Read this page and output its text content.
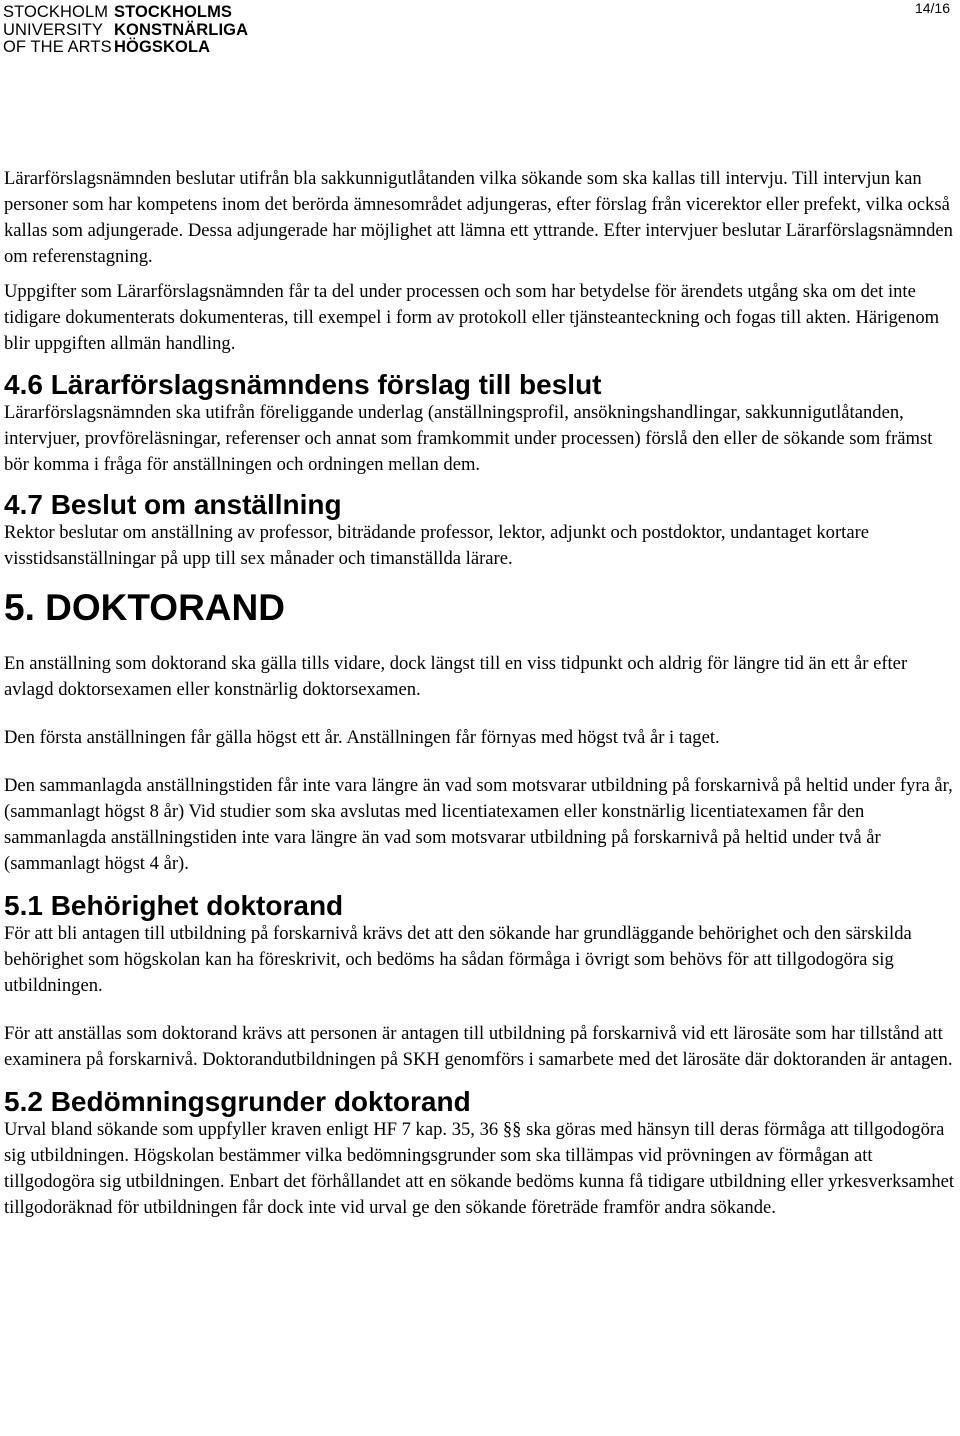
STOCKHOLM STOCKHOLMS
UNIVERSITY KONSTNÄRLIGA
OF THE ARTS HÖGSKOLA
14/16

Lärarförslagsnämnden beslutar utifrån bla sakkunnigutlåtanden vilka sökande som ska kallas till intervju. Till intervjun kan personer som har kompetens inom det berörda ämnesområdet adjungeras, efter förslag från vicerektor eller prefekt, vilka också kallas som adjungerade. Dessa adjungerade har möjlighet att lämna ett yttrande. Efter intervjuer beslutar Lärarförslagsnämnden om referenstagning.

Uppgifter som Lärarförslagsnämnden får ta del under processen och som har betydelse för ärendets utgång ska om det inte tidigare dokumenterats dokumenteras, till exempel i form av protokoll eller tjänsteanteckning och fogas till akten. Härigenom blir uppgiften allmän handling.

4.6 Lärarförslagsnämndens förslag till beslut

Lärarförslagsnämnden ska utifrån föreliggande underlag (anställningsprofil, ansökningshandlingar, sakkunnigutlåtanden, intervjuer, provföreläsningar, referenser och annat som framkommit under processen) förslå den eller de sökande som främst bör komma i fråga för anställningen och ordningen mellan dem.

4.7 Beslut om anställning

Rektor beslutar om anställning av professor, biträdande professor, lektor, adjunkt och postdoktor, undantaget kortare visstidsanställningar på upp till sex månader och timanställda lärare.

5. DOKTORAND

En anställning som doktorand ska gälla tills vidare, dock längst till en viss tidpunkt och aldrig för längre tid än ett år efter avlagd doktorsexamen eller konstnärlig doktorsexamen.

Den första anställningen får gälla högst ett år. Anställningen får förnyas med högst två år i taget.

Den sammanlagda anställningstiden får inte vara längre än vad som motsvarar utbildning på forskarnivå på heltid under fyra år, (sammanlagt högst 8 år) Vid studier som ska avslutas med licentiatexamen eller konstnärlig licentiatexamen får den sammanlagda anställningstiden inte vara längre än vad som motsvarar utbildning på forskarnivå på heltid under två år (sammanlagt högst 4 år).

5.1 Behörighet doktorand

För att bli antagen till utbildning på forskarnivå krävs det att den sökande har grundläggande behörighet och den särskilda behörighet som högskolan kan ha föreskrivit, och bedöms ha sådan förmåga i övrigt som behövs för att tillgodogöra sig utbildningen.

För att anställas som doktorand krävs att personen är antagen till utbildning på forskarnivå vid ett lärosäte som har tillstånd att examinera på forskarnivå. Doktorandutbildningen på SKH genomförs i samarbete med det lärosäte där doktoranden är antagen.

5.2 Bedömningsgrunder doktorand

Urval bland sökande som uppfyller kraven enligt HF 7 kap. 35, 36 §§ ska göras med hänsyn till deras förmåga att tillgodogöra sig utbildningen. Högskolan bestämmer vilka bedömningsgrunder som ska tillämpas vid prövningen av förmågan att tillgodogöra sig utbildningen. Enbart det förhållandet att en sökande bedöms kunna få tidigare utbildning eller yrkesverksamhet tillgodoräknad för utbildningen får dock inte vid urval ge den sökande företräde framför andra sökande.
